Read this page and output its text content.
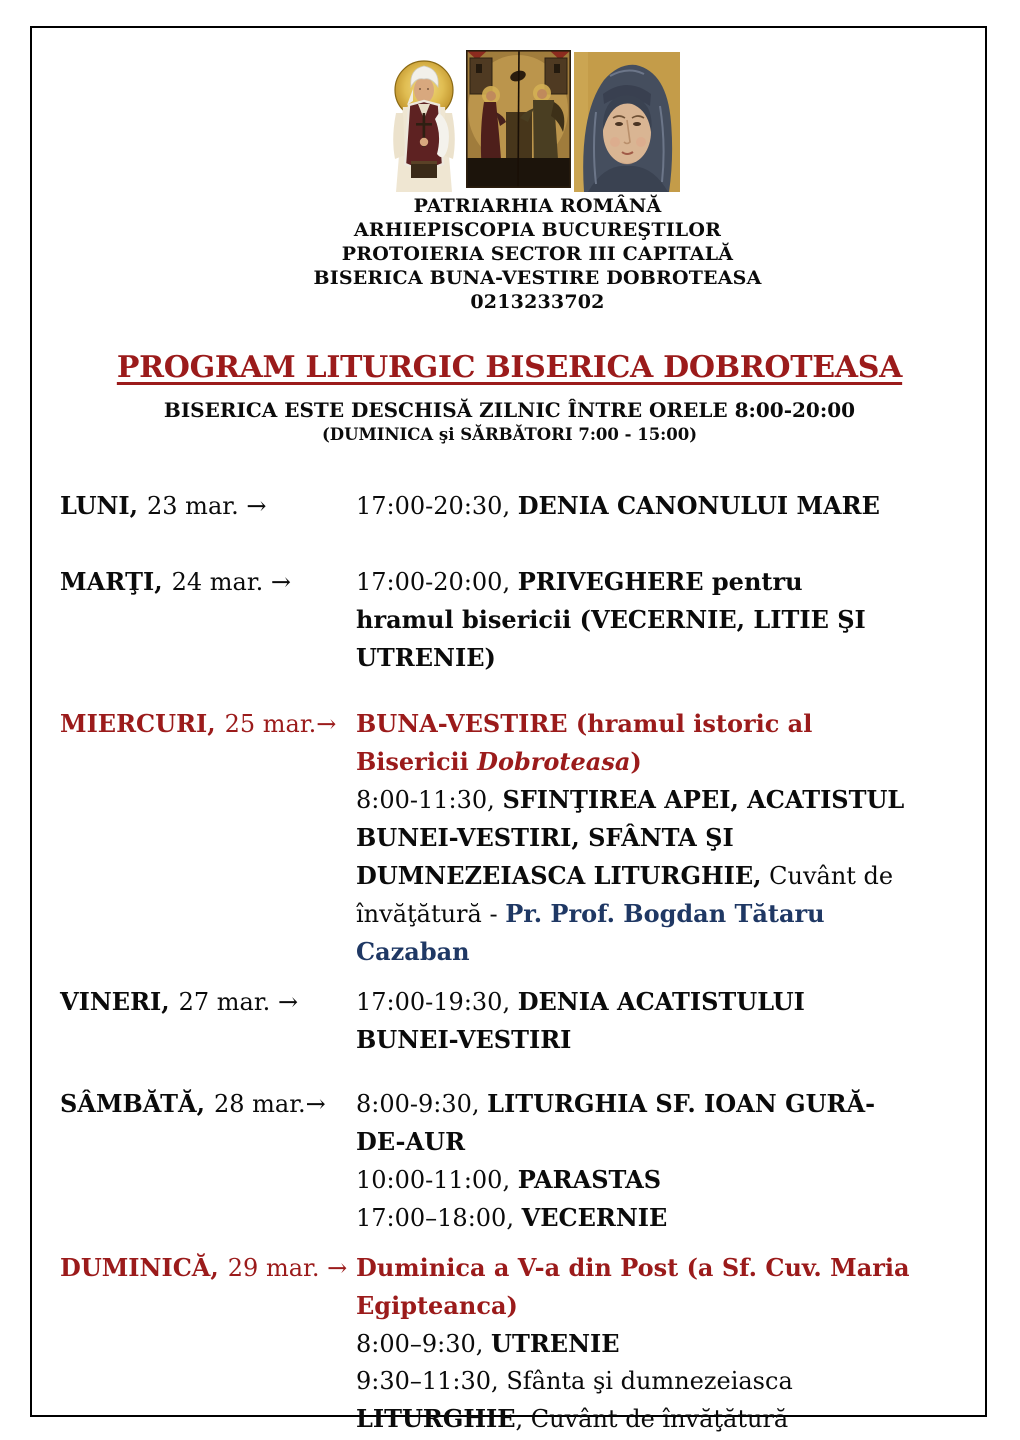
PATRIARHIA ROMÂNĂ
ARHIEPISCOPIA BUCUREŞTILOR
PROTOIERIA SECTOR III CAPITALĂ
BISERICA BUNA-VESTIRE DOBROTEASA
0213233702
PROGRAM LITURGIC BISERICA DOBROTEASA
BISERICA ESTE DESCHISĂ ZILNIC ÎNTRE ORELE 8:00-20:00
(DUMINICA şi SĂRBĂTORI 7:00 - 15:00)
LUNI, 23 mar. →	17:00-20:30, DENIA CANONULUI MARE
MARŢI, 24 mar. →	17:00-20:00, PRIVEGHERE pentru
hramul bisericii (VECERNIE, LITIE ŞI
UTRENIE)
MIERCURI, 25 mar.→ BUNA-VESTIRE (hramul istoric al
Bisericii Dobroteasa)
8:00-11:30, SFINŢIREA APEI, ACATISTUL
BUNEI-VESTIRI, SFÂNTA ŞI
DUMNEZEIASCA LITURGHIE, Cuvânt de
învăţătură - Pr. Prof. Bogdan Tătaru
Cazaban
VINERI, 27 mar. →	17:00-19:30, DENIA ACATISTULUI
BUNEI-VESTIRI
SÂMBĂTĂ, 28 mar.→	8:00-9:30, LITURGHIA SF. IOAN GURĂ-
DE-AUR
10:00-11:00, PARASTAS
17:00–18:00, VECERNIE
DUMINICĂ, 29 mar. → Duminica a V-a din Post (a Sf. Cuv. Maria
Egipteanca)
8:00–9:30, UTRENIE
9:30–11:30, Sfânta şi dumnezeiasca
LITURGHIE, Cuvânt de învăţătură
